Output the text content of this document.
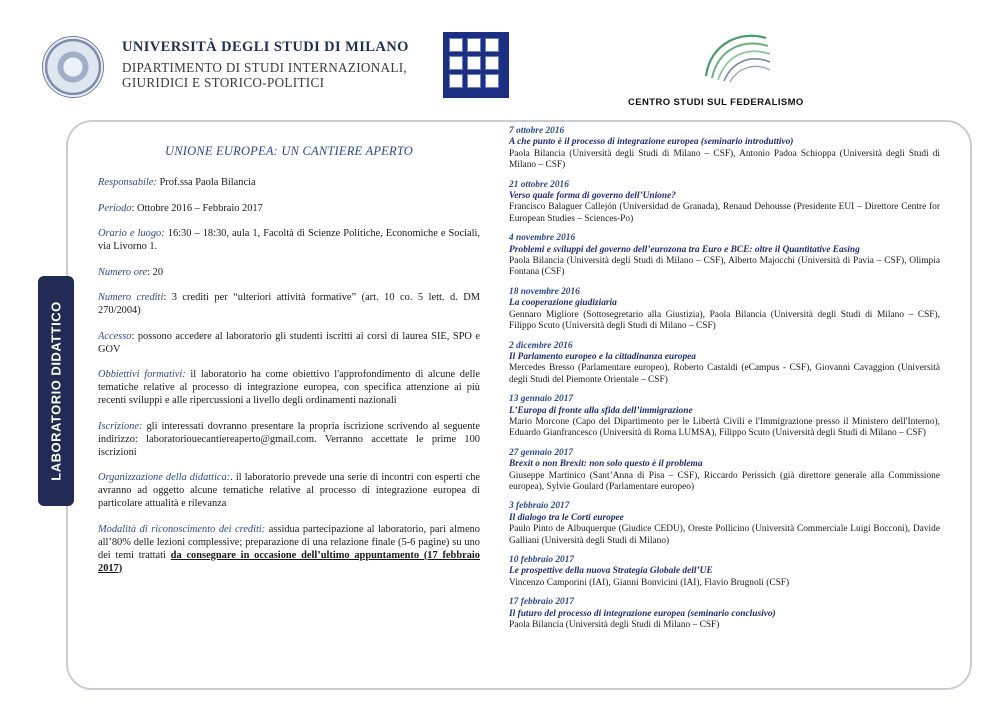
UNIVERSITÀ DEGLI STUDI DI MILANO
DIPARTIMENTO DI STUDI INTERNAZIONALI,
GIURIDICI E STORICO-POLITICI
CENTRO STUDI SUL FEDERALISMO
LABORATORIO DIDATTICO
UNIONE EUROPEA: UN CANTIERE APERTO

Responsabile: Prof.ssa Paola Bilancia

Periodo: Ottobre 2016 – Febbraio 2017

Orario e luogo: 16:30 – 18:30, aula 1, Facoltà di Scienze Politiche, Economiche e Sociali, via Livorno 1.

Numero ore: 20

Numero crediti: 3 crediti per “ulteriori attività formative” (art. 10 co. 5 lett. d. DM 270/2004)

Accesso: possono accedere al laboratorio gli studenti iscritti ai corsi di laurea SIE, SPO e GOV

Obbiettivi formativi: il laboratorio ha come obiettivo l'approfondimento di alcune delle tematiche relative al processo di integrazione europea, con specifica attenzione ai più recenti sviluppi e alle ripercussioni a livello degli ordinamenti nazionali

Iscrizione: gli interessati dovranno presentare la propria iscrizione scrivendo al seguente indirizzo: laboratoriouecantiereaperto@gmail.com. Verranno accettate le prime 100 iscrizioni

Organizzazione della didattica:. il laboratorio prevede una serie di incontri con esperti che avranno ad oggetto alcune tematiche relative al processo di integrazione europea di particolare attualità e rilevanza

Modalità di riconoscimento dei crediti: assidua partecipazione al laboratorio, pari almeno all’80% delle lezioni complessive; preparazione di una relazione finale (5-6 pagine) su uno dei temi trattati da consegnare in occasione dell’ultimo appuntamento (17 febbraio 2017)

7 ottobre 2016
A che punto è il processo di integrazione europea (seminario introduttivo)
Paola Bilancia (Università degli Studi di Milano – CSF), Antonio Padoa Schioppa (Università degli Studi di Milano – CSF)
21 ottobre 2016
Verso quale forma di governo dell’Unione?
Francisco Balaguer Callejón (Universidad de Granada), Renaud Dehousse (Presidente EUI – Direttore Centre for European Studies – Sciences-Po)
4 novembre 2016
Problemi e sviluppi del governo dell’eurozona tra Euro e BCE: oltre il Quantitative Easing
Paola Bilancia (Università degli Studi di Milano – CSF), Alberto Majocchi (Università di Pavia – CSF), Olimpia Fontana (CSF)
18 novembre 2016
La cooperazione giudiziaria
Gennaro Migliore (Sottosegretario alla Giustizia), Paola Bilancia (Università degli Studi di Milano – CSF), Filippo Scuto (Università degli Studi di Milano – CSF)
2 dicembre 2016
Il Parlamento europeo e la cittadinanza europea
Mercedes Bresso (Parlamentare europeo), Roberto Castaldi (eCampus - CSF), Giovanni Cavaggion (Università degli Studi del Piemonte Orientale – CSF)
13 gennaio 2017
L’Europa di fronte alla sfida dell’immigrazione
Mario Morcone (Capo del Dipartimento per le Libertà Civili e l'Immigrazione presso il Ministero dell'Interno), Eduardo Gianfrancesco (Università di Roma LUMSA), Filippo Scuto (Università degli Studi di Milano – CSF)
27 gennaio 2017
Brexit o non Brexit: non solo questo è il problema
Giuseppe Martinico (Sant’Anna di Pisa – CSF), Riccardo Perissich (già direttore generale alla Commissione europea), Sylvie Goulard (Parlamentare europeo)
3 febbraio 2017
Il dialogo tra le Corti europee
Paulo Pinto de Albuquerque (Giudice CEDU), Oreste Pollicino (Università Commerciale Luigi Bocconi), Davide Galliani (Università degli Studi di Milano)
10 febbraio 2017
Le prospettive della nuova Strategia Globale dell’UE
Vincenzo Camporini (IAI), Gianni Bonvicini (IAI), Flavio Brugnoli (CSF)
17 febbraio 2017
Il futuro del processo di integrazione europea (seminario conclusivo)
Paola Bilancia (Università degli Studi di Milano – CSF)
